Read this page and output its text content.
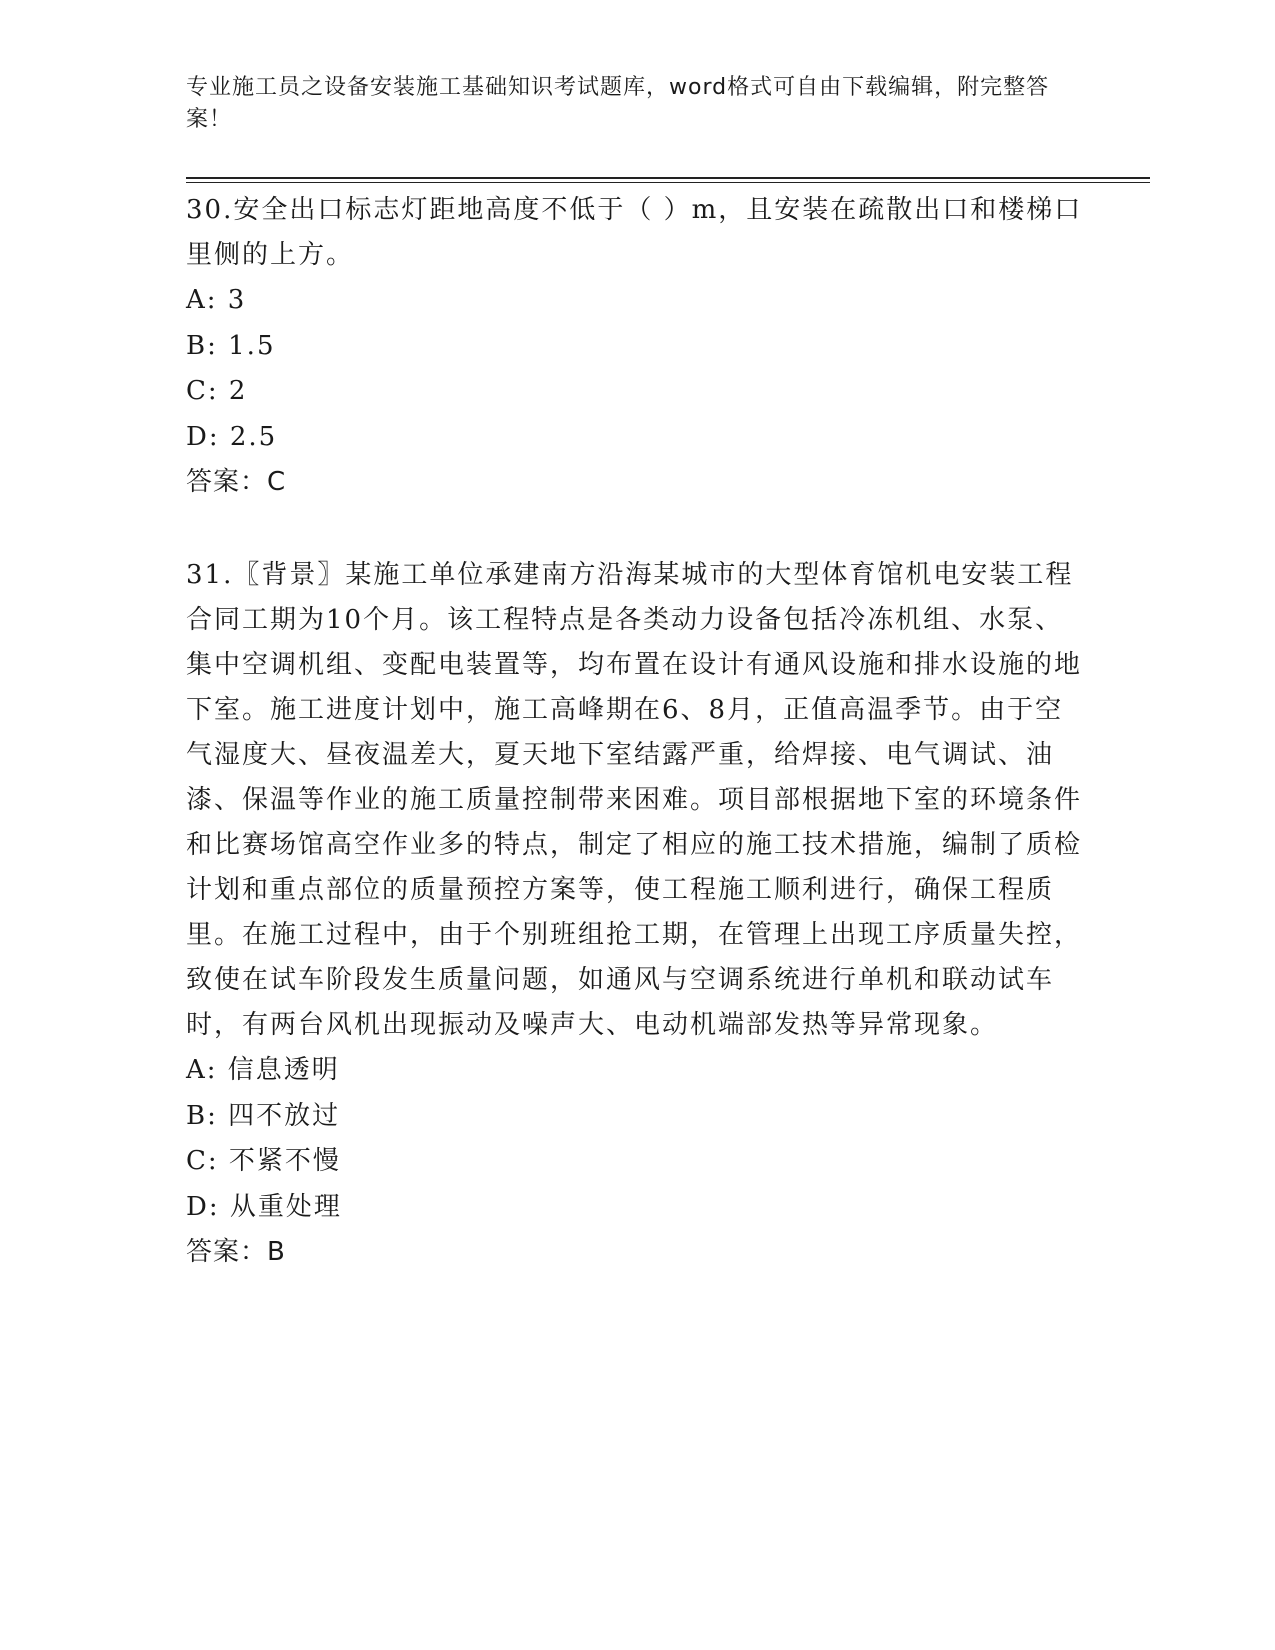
专业施工员之设备安装施工基础知识考试题库，word格式可自由下载编辑，附完整答案！
30.安全出口标志灯距地高度不低于（ ）m，且安装在疏散出口和楼梯口里侧的上方。
A: 3
B: 1.5
C: 2
D: 2.5
答案：C
31.〖背景〗某施工单位承建南方沿海某城市的大型体育馆机电安装工程合同工期为10个月。该工程特点是各类动力设备包括冷冻机组、水泵、集中空调机组、变配电装置等，均布置在设计有通风设施和排水设施的地下室。施工进度计划中，施工高峰期在6、8月，正值高温季节。由于空气湿度大、昼夜温差大，夏天地下室结露严重，给焊接、电气调试、油漆、保温等作业的施工质量控制带来困难。项目部根据地下室的环境条件和比赛场馆高空作业多的特点，制定了相应的施工技术措施，编制了质检计划和重点部位的质量预控方案等，使工程施工顺利进行，确保工程质里。在施工过程中，由于个别班组抢工期，在管理上出现工序质量失控，致使在试车阶段发生质量问题，如通风与空调系统进行单机和联动试车时，有两台风机出现振动及噪声大、电动机端部发热等异常现象。
A: 信息透明
B: 四不放过
C: 不紧不慢
D: 从重处理
答案：B
